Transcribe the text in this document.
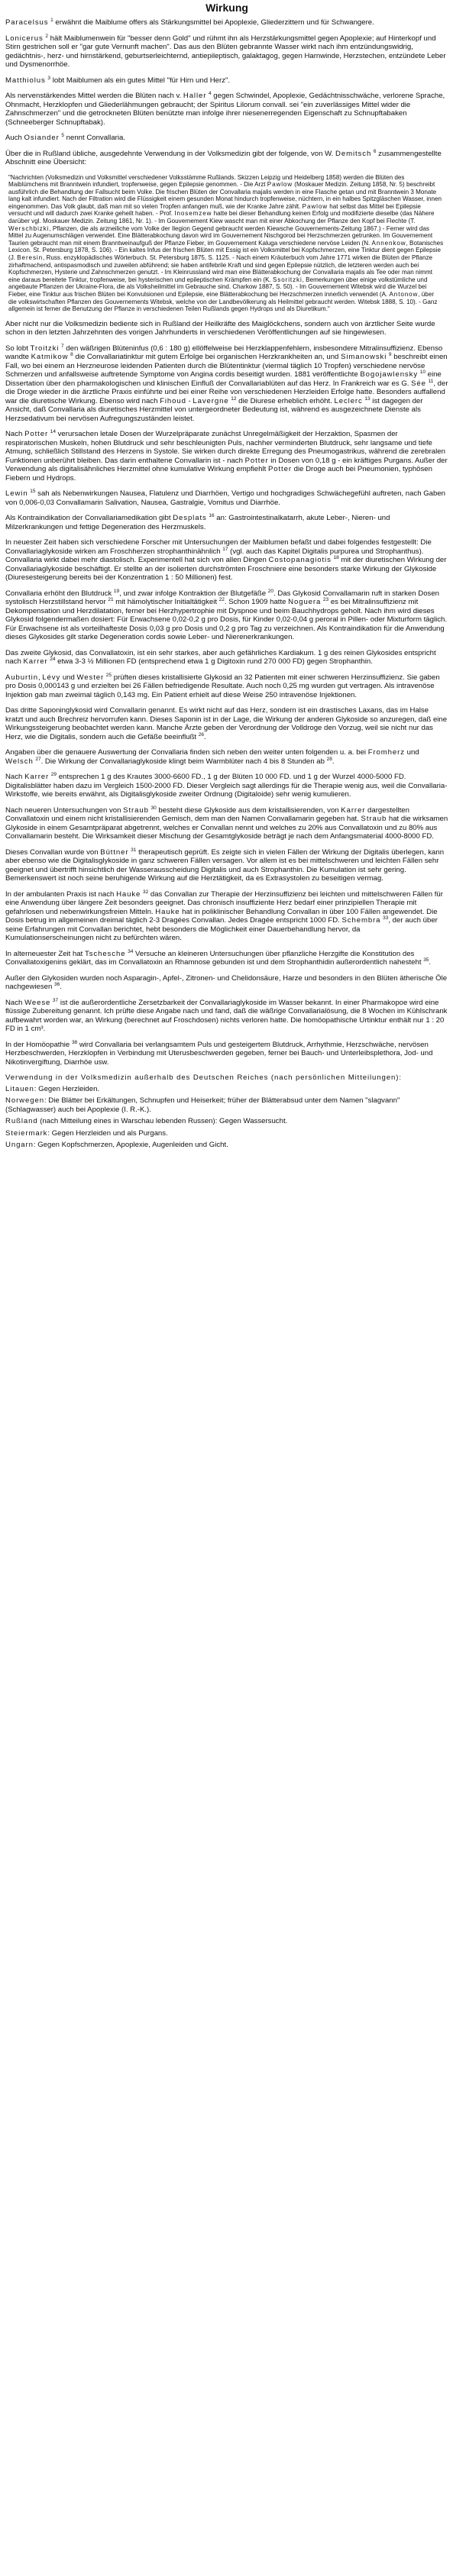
Wirkung

Paracelsus $^1$ erwähnt die Maiblume offers als Stärkungsmittel bei Apoplexie, Gliederzittern und für Schwangere.

Lonicerus $^2$ hält Maiblumenwein für "besser denn Gold" und rühmt ihn als Herzstärkungsmittel gegen Apoplexie; auf Hinterkopf und Stirn gestrichen soll er "gar gute Vernunft machen". Das aus den Blüten gebrannte Wasser wirkt nach ihm entzündungswidrig, gedächtnis-, herz- und hirnstärkend, geburtserleichternd, antiepileptisch, galaktagog, gegen Harnwinde, Herzstechen, entzündete Leber und Dysmenorrhöe.

Matthiolus $^3$ lobt Maiblumen als ein gutes Mittel "für Hirn und Herz".

Als nervenstärkendes Mittel werden die Blüten nach v. Haller $^4$ gegen Schwindel, Apoplexie, Gedächtnisschwäche, verlorene Sprache, Ohnmacht, Herzklopfen und Gliederlähmungen gebraucht; der Spiritus Lilorum convall. sei "ein zuverlässiges Mittel wider die Zahnschmerzen" und die getrockneten Blüten benützte man infolge ihrer niesenerregenden Eigenschaft zu Schnupftabaken (Schneeberger Schnupftabak).

Auch Osiander $^5$ nennt Convallaria.

Über die in Rußland übliche, ausgedehnte Verwendung in der Volksmedizin gibt der folgende, von W. Demitsch $^6$ zusammengestellte Abschnitt eine Übersicht:

"Nachrichten (Volksmedizin und Volksmittel verschiedener Volksstämme Rußlands. Skizzen Leipzig und Heidelberg 1858) werden die Blüten des Maiblümchens mit Branntwein infundiert, tropfenweise, gegen Epilepsie genommen. - Die Arzt Pawlow (Moskauer Medizin. Zeitung 1858, Nr. 5) beschreibt ausführlich die Behandlung der Fallsucht beim Volke. Die frischen Blüten der Convallaria majalis werden in eine Flasche getan und mit Branntwein 3 Monate lang kalt infundiert. Nach der Filtration wird die Flüssigkeit einem gesunden Monat hindurch tropfenweise, nüchtern, in ein halbes Spitzgläschen Wasser, innen eingenommen. Das Volk glaubt, daß man mit so vielen Tropfen anfangen muß, wie der Kranke Jahre zählt. Pawlow hat selbst das Mittel bei Epilepsie versucht und will dadurch zwei Kranke geheilt haben. - Prof. Inosemzew hatte bei dieser Behandlung keinen Erfolg und modifizierte dieselbe (das Nähere darüber vgl. Moskauer Medizin. Zeitung 1861, Nr. 1). - Im Gouvernement Kiew wascht man mit einer Abkochung der Pflanze den Kopf bei Flechte (T. Werschbizki, Pflanzen, die als arzneiliche vom Volke der Ilegion Gegend gebraucht werden Kiewsche Gouvernements-Zeitung 1867.) - Ferner wird das Mittel zu Augenumschlägen verwendet. Eine Blätterabkochung davon wird im Gouvernement Nischgorod bei Herzschmerzen getrunken. Im Gouvernement Taurien gebraucht man mit einem Branntweinaufguß der Pflanze Fieber, im Gouvernement Kaluga verschiedene nervöse Leiden (N. Annenkow, Botanisches Lexicon. St. Petersburg 1878, S. 106). - Ein kaltes Infus der frischen Blüten mit Essig ist ein Volksmittel bei Kopfschmerzen, eine Tinktur dient gegen Epilepsie (J. Beresin, Russ. enzyklopädisches Wörterbuch. St. Petersburg 1875, S. 1125. - Nach einem Kräuterbuch vom Jahre 1771 wirken die Blüten der Pflanze zirhaftmachend, antispasmodisch und zuweilen abführend; sie haben antifebrile Kraft und sind gegen Epilepsie nützlich, die letzteren werden auch bei Kopfschmerzen, Hysterie und Zahnschmerzen genutzt. - Im Kleinrussland wird man eine Blätterabkochung der Convallaria majalis als Tee oder man nimmt eine daraus bereitete Tinktur, tropfenweise, bei hysterischen und epileptischen Krämpfen ein (K. Ssoritzki, Bemerkungen über einige volkstümliche und angebaute Pflanzen der Ukraine-Flora, die als Volksheilmittel im Gebrauche sind. Charkow 1887, S. 50). - Im Gouvernement Witebsk wird die Wurzel bei Fieber, eine Tinktur aus frischen Blüten bei Konvulsionen und Epilepsie, eine Blätterabkochung bei Herzschmerzen innerlich verwendet (A. Antonow, über die volkswirtschaften Pflanzen des Gouvernements Witebsk, welche von der Landbevölkerung als Heilmittel gebraucht werden. Witebsk 1888, S. 10). - Ganz allgemein ist ferner die Benutzung der Pflanze in verschiedenen Teilen Rußlands gegen Hydrops und als Diuretikum."

Aber nicht nur die Volksmedizin bediente sich in Rußland der Heilkräfte des Maiglöckchens, sondern auch von ärztlicher Seite wurde schon in den letzten Jahrzehnten des vorigen Jahrhunderts in verschiedenen Veröffentlichungen auf sie hingewiesen.

So lobt Troitzki $^7$ den wäßrigen Blüteninfus (0,6 : 180 g) ellöffelweise bei Herzklappenfehlern, insbesondere Mitralinsuffizienz. Ebenso wandte Katmikow $^8$ die Convallariatinktur mit gutem Erfolge bei organischen Herzkrankheiten an, und Simanowski $^9$ beschreibt einen Fall, wo bei einem an Herzneurose leidenden Patienten durch die Blütentinktur (viermal täglich 10 Tropfen) verschiedene nervöse Schmerzen und anfallsweise auftretende Symptome von Angina cordis beseitigt wurden. 1881 veröffentlichte Bogojawlensky $^{10}$ eine Dissertation über den pharmakologischen und klinischen Einfluß der Convallariablüten auf das Herz. In Frankreich war es G. Sée $^{11}$, der die Droge wieder in die ärztliche Praxis einführte und bei einer Reihe von verschiedenen Herzleiden Erfolge hatte. Besonders auffallend war die diuretische Wirkung. Ebenso wird nach Fihoud - Lavergne $^{12}$ die Diurese erheblich erhöht. Leclerc $^{13}$ ist dagegen der Ansicht, daß Convallaria als diuretisches Herzmittel von untergeordneter Bedeutung ist, während es ausgezeichnete Dienste als Herzsedativum bei nervösen Aufregungszuständen leistet.

Nach Potter $^{14}$ verursachen letale Dosen der Wurzelpräparate zunächst Unregelmäßigkeit der Herzaktion, Spasmen der respiratorischen Muskeln, hohen Blutdruck und sehr beschleunigten Puls, nachher verminderten Blutdruck, sehr langsame und tiefe Atmung, schließlich Stillstand des Herzens in Systole. Sie wirken durch direkte Erregung des Pneumogastrikus, während die zerebralen Funktionen unberührt bleiben. Das darin enthaltene Convallarin ist - nach Potter in Dosen von 0,18 g - ein kräftiges Purgans. Außer der Verwendung als digitalisähnliches Herzmittel ohne kumulative Wirkung empfiehlt Potter die Droge auch bei Pneumonien, typhösen Fiebern und Hydrops.

Lewin $^{15}$ sah als Nebenwirkungen Nausea, Flatulenz und Diarrhöen, Vertigo und hochgradiges Schwächegefühl auftreten, nach Gaben von 0,006-0,03 Convallamarin Salivation, Nausea, Gastralgie, Vomitus und Diarrhöe.

Als Kontraindikation der Convallariamedikation gibt Desplats $^{16}$ an: Gastrointestinalkatarrh, akute Leber-, Nieren- und Milzerkrankungen und fettige Degeneration des Herzmuskels.

In neuester Zeit haben sich verschiedene Forscher mit Untersuchungen der Maiblumen befaßt und dabei folgendes festgestellt: Die Convallariaglykoside wirken am Froschherzen strophanthinähnlich $^{17}$ (vgl. auch das Kapitel Digitalis purpurea und Strophanthus). Convallaria wirkt dabei mehr diastolisch. Experimentell hat sich von allen Dingen Costopanagiotis $^{18}$ mit der diuretischen Wirkung der Convallariaglykoside beschäftigt. Er stellte an der isolierten durchströmten Froschniere eine besonders starke Wirkung der Glykoside (Diuresesteigerung bereits bei der Konzentration 1 : 50 Millionen) fest.

Convallaria erhöht den Blutdruck $^{19}$, und zwar infolge Kontraktion der Blutgefäße $^{20}$. Das Glykosid Convallamarin ruft in starken Dosen systolisch Herzstillstand hervor $^{21}$ mit hämolytischer Initialtätigkeit $^{22}$. Schon 1909 hatte Noguera $^{23}$ es bei Mitralinsuffizienz mit Dekompensation und Herzdilatation, ferner bei Herzhypertrophie mit Dyspnoe und beim Bauchhydrops geholt. Nach ihm wird dieses Glykosid folgendermaßen dosiert: Für Erwachsene 0,02-0,2 g pro Dosis, für Kinder 0,02-0,04 g peroral in Pillen- oder Mixturform täglich. Für Erwachsene ist als vorteilhafteste Dosis 0,03 g pro Dosis und 0,2 g pro Tag zu verzeichnen. Als Kontraindikation für die Anwendung dieses Glykosides gilt starke Degeneration cordis sowie Leber- und Nierenerkrankungen.

Das zweite Glykosid, das Convallatoxin, ist ein sehr starkes, aber auch gefährliches Kardiakum. 1 g des reinen Glykosides entspricht nach Karrer $^{24}$ etwa 3-3 ½ Millionen FD (entsprechend etwa 1 g Digitoxin rund 270 000 FD) gegen Strophanthin.

Auburtin, Lévy und Wester $^{25}$ prüften dieses kristallisierte Glykosid an 32 Patienten mit einer schweren Herzinsuffizienz. Sie gaben pro Dosis 0,000143 g und erzielten bei 26 Fällen befriedigende Resultate. Auch noch 0,25 mg wurden gut vertragen. Als intravenöse Injektion gab man zweimal täglich 0,143 mg. Ein Patient erhielt auf diese Weise 250 intravenöse Injektionen.

Das dritte Saponinglykosid wird Convallarin genannt. Es wirkt nicht auf das Herz, sondern ist ein drastisches Laxans, das im Halse kratzt und auch Brechreiz hervorrufen kann. Dieses Saponin ist in der Lage, die Wirkung der anderen Glykoside so anzuregen, daß eine Wirkungssteigerung beobachtet werden kann. Manche Ärzte geben der Verordnung der Volldroge den Vorzug, weil sie nicht nur das Herz, wie die Digitalis, sondern auch die Gefäße beeinflußt $^{26}$.

Angaben über die genauere Auswertung der Convallaria finden sich neben den weiter unten folgenden u. a. bei Fromherz und Welsch $^{27}$. Die Wirkung der Convallariaglykoside klingt beim Warmblüter nach 4 bis 8 Stunden ab $^{28}$.

Nach Karrer $^{29}$ entsprechen 1 g des Krautes 3000-6600 FD., 1 g der Blüten 10 000 FD. und 1 g der Wurzel 4000-5000 FD. Digitalisblätter haben dazu im Vergleich 1500-2000 FD. Dieser Vergleich sagt allerdings für die Therapie wenig aus, weil die Convallaria-Wirkstoffe, wie bereits erwähnt, als Digitalisglykoside zweiter Ordnung (Digitaloide) sehr wenig kumulieren.

Nach neueren Untersuchungen von Straub $^{30}$ besteht diese Glykoside aus dem kristallisierenden, von Karrer dargestellten Convallatoxin und einem nicht kristallisierenden Gemisch, dem man den Namen Convallamarin gegeben hat. Straub hat die wirksamen Glykoside in einem Gesamtpräparat abgetrennt, welches er Convallan nennt und welches zu 20% aus Convallatoxin und zu 80% aus Convallamarin besteht. Die Wirksamkeit dieser Mischung der Gesamtglykoside beträgt je nach dem Anfangsmaterial 4000-8000 FD.

Dieses Convallan wurde von Büttner $^{31}$ therapeutisch geprüft. Es zeigte sich in vielen Fällen der Wirkung der Digitalis überlegen, kann aber ebenso wie die Digitalisglykoside in ganz schweren Fällen versagen. Vor allem ist es bei mittelschweren und leichten Fällen sehr geeignet und übertrifft hinsichtlich der Wasserausscheidung Digitalis und auch Strophanthin. Die Kumulation ist sehr gering. Bemerkenswert ist noch seine beruhigende Wirkung auf die Herztätigkeit, da es Extrasystolen zu beseitigen vermag.

In der ambulanten Praxis ist nach Hauke $^{32}$ das Convallan zur Therapie der Herzinsuffizienz bei leichten und mittelschweren Fällen für eine Anwendung über längere Zeit besonders geeignet. Das chronisch insuffiziente Herz bedarf einer prinzipiellen Therapie mit gefahrlosen und nebenwirkungsfreien Mitteln. Hauke hat in poliklinischer Behandlung Convallan in über 100 Fällen angewendet. Die Dosis betrug im allgemeinen dreimal täglich 2-3 Dragées Convallan. Jedes Dragée entspricht 1000 FD. Schembra $^{33}$, der auch über seine Erfahrungen mit Convallan berichtet, hebt besonders die Möglichkeit einer Dauerbehandlung hervor, da Kumulationserscheinungen nicht zu befürchten wären.

In alterneuester Zeit hat Tschesche $^{34}$ Versuche an kleineren Untersuchungen über pflanzliche Herzgifte die Konstitution des Convallatoxigenins geklärt, das im Convallatoxin an Rhamnose gebunden ist und dem Strophanthidin außerordentlich nahesteht $^{35}$.

Außer den Glykosiden wurden noch Asparagin-, Apfel-, Zitronen- und Chelidonsäure, Harze und besonders in den Blüten ätherische Öle nachgewiesen $^{36}$.

Nach Weese $^{37}$ ist die außerordentliche Zersetzbarkeit der Convallariaglykoside im Wasser bekannt. In einer Pharmakopoe wird eine flüssige Zubereitung genannt. Ich prüfte diese Angabe nach und fand, daß die wäßrige Convallarialösung, die 8 Wochen im Kühlschrank aufbewahrt worden war, an Wirkung (berechnet auf Froschdosen) nichts verloren hatte. Die homöopathische Urtinktur enthält nur 1 : 20 FD in 1 cm³.

In der Homöopathie $^{38}$ wird Convallaria bei verlangsamtem Puls und gesteigertem Blutdruck, Arrhythmie, Herzschwäche, nervösen Herzbeschwerden, Herzklopfen in Verbindung mit Uterusbeschwerden gegeben, ferner bei Bauch- und Unterleibsplethora, Jod- und Nikotinvergiftung, Diarrhöe usw.

Verwendung in der Volksmedizin außerhalb des Deutschen Reiches (nach persönlichen Mitteilungen):
Litauen: Gegen Herzleiden.
Norwegen: Die Blätter bei Erkältungen, Schnupfen und Heiserkeit; früher der Blätterabsud unter dem Namen "slagvann" (Schlagwasser) auch bei Apoplexie (I. R.-K.).
Rußland (nach Mitteilung eines in Warschau lebenden Russen): Gegen Wassersucht.
Steiermark: Gegen Herzleiden und als Purgans.
Ungarn: Gegen Kopfschmerzen, Apoplexie, Augenleiden und Gicht.
